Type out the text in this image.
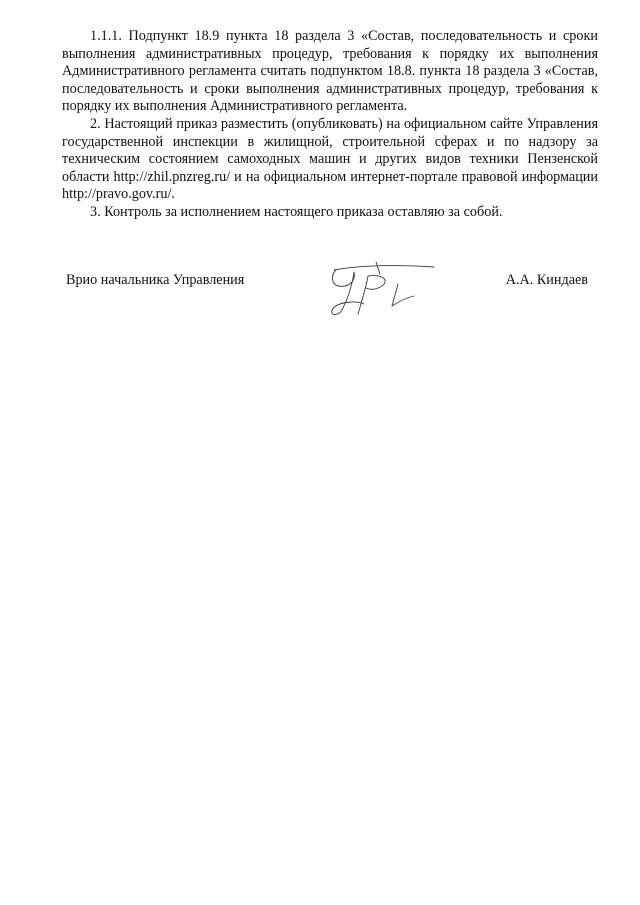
1.1.1. Подпункт 18.9 пункта 18 раздела 3 «Состав, последовательность и сроки выполнения административных процедур, требования к порядку их выполнения Административного регламента считать подпунктом 18.8. пункта 18 раздела 3 «Состав, последовательность и сроки выполнения административных процедур, требования к порядку их выполнения Административного регламента.

2. Настоящий приказ разместить (опубликовать) на официальном сайте Управления государственной инспекции в жилищной, строительной сферах и по надзору за техническим состоянием самоходных машин и других видов техники Пензенской области http://zhil.pnzreg.ru/ и на официальном интернет-портале правовой информации http://pravo.gov.ru/.

3. Контроль за исполнением настоящего приказа оставляю за собой.

Врио начальника Управления	А.А. Киндаев
